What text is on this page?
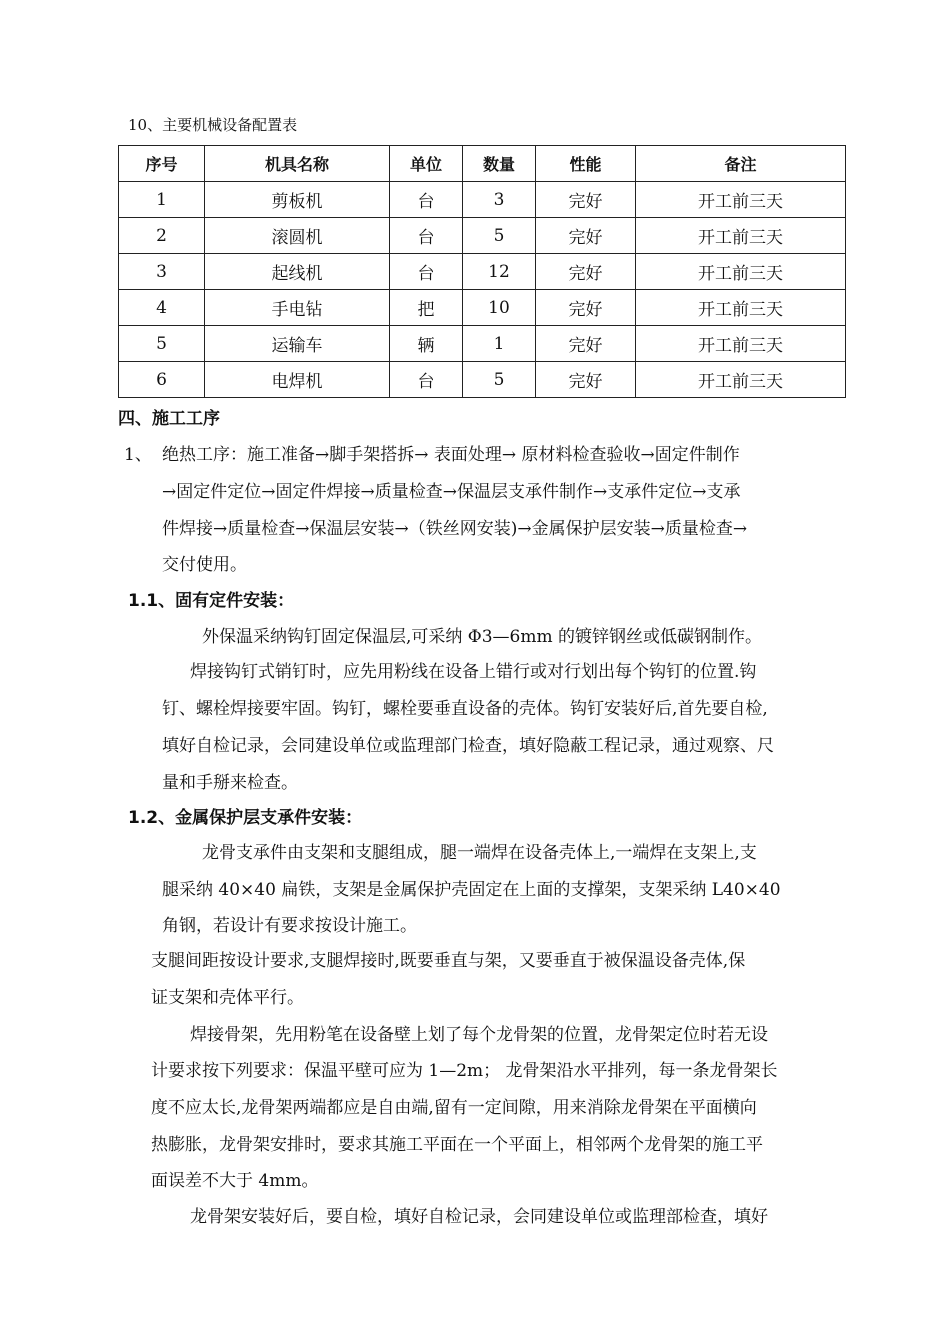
10、主要机械设备配置表
序号	机具名称	单位	数量	性能	备注
1	剪板机	台	3	完好	开工前三天
2	滚圆机	台	5	完好	开工前三天
3	起线机	台	12	完好	开工前三天
4	手电钻	把	10	完好	开工前三天
5	运输车	辆	1	完好	开工前三天
6	电焊机	台	5	完好	开工前三天
四、施工工序
1、 绝热工序：施工准备→脚手架搭拆→ 表面处理→ 原材料检查验收→固定件制作
→固定件定位→固定件焊接→质量检查→保温层支承件制作→支承件定位→支承
件焊接→质量检查→保温层安装→（铁丝网安装)→金属保护层安装→质量检查→
交付使用。
1.1、固有定件安装：
外保温采纳钩钉固定保温层,可采纳 Φ3—6mm 的镀锌钢丝或低碳钢制作。
焊接钩钉式销钉时，应先用粉线在设备上错行或对行划出每个钩钉的位置.钩
钉、螺栓焊接要牢固。钩钉，螺栓要垂直设备的壳体。钩钉安装好后,首先要自检,
填好自检记录，会同建设单位或监理部门检查，填好隐蔽工程记录，通过观察、尺
量和手掰来检查。
1.2、金属保护层支承件安装：
龙骨支承件由支架和支腿组成，腿一端焊在设备壳体上,一端焊在支架上,支
腿采纳 40×40 扁铁，支架是金属保护壳固定在上面的支撑架，支架采纳 L40×40
角钢，若设计有要求按设计施工。
支腿间距按设计要求,支腿焊接时,既要垂直与架，又要垂直于被保温设备壳体,保
证支架和壳体平行。
焊接骨架，先用粉笔在设备壁上划了每个龙骨架的位置，龙骨架定位时若无设
计要求按下列要求：保温平壁可应为 1—2m； 龙骨架沿水平排列，每一条龙骨架长
度不应太长,龙骨架两端都应是自由端,留有一定间隙，用来消除龙骨架在平面横向
热膨胀，龙骨架安排时，要求其施工平面在一个平面上，相邻两个龙骨架的施工平
面误差不大于 4mm。
龙骨架安装好后，要自检，填好自检记录，会同建设单位或监理部检查，填好
